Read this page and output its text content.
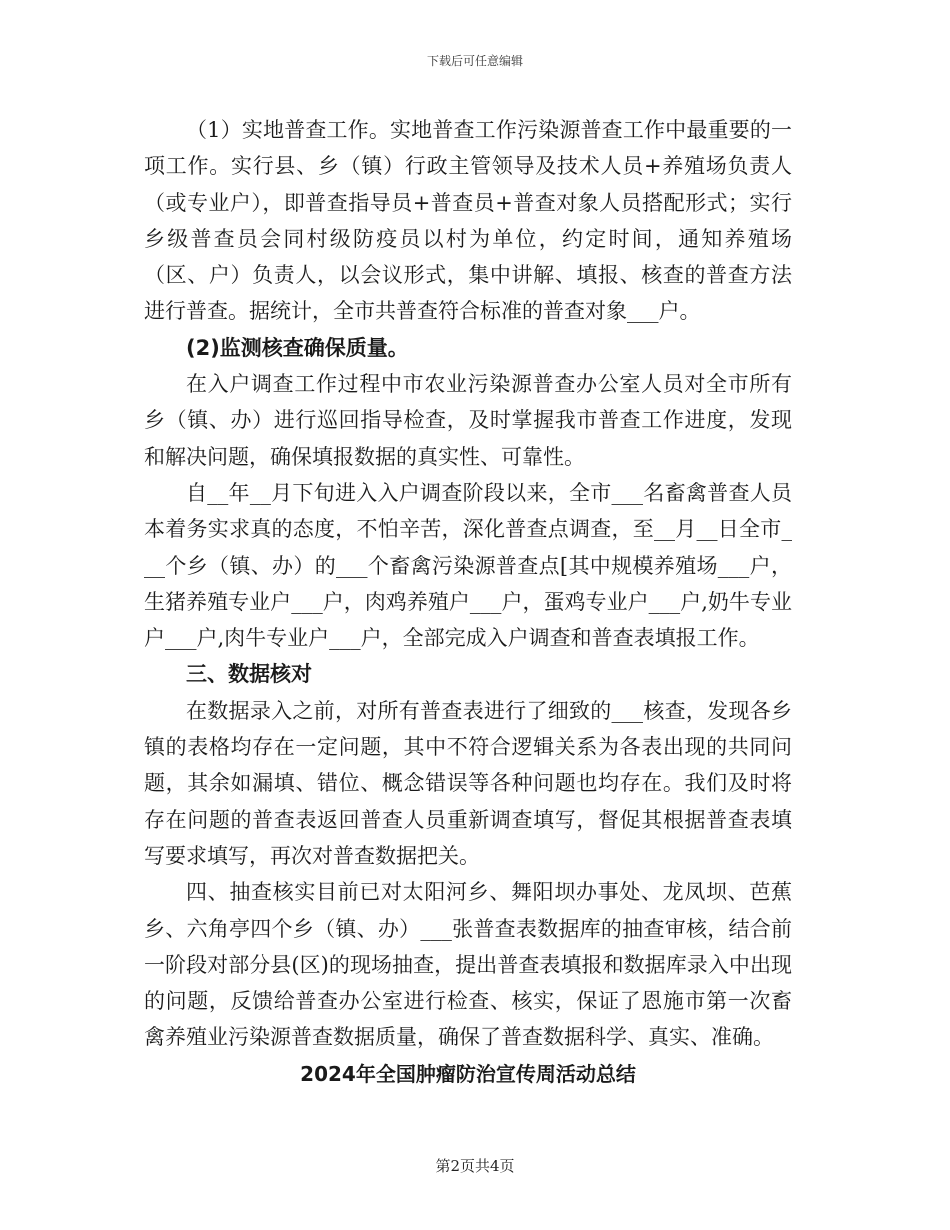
下载后可任意编辑

（1）实地普查工作。实地普查工作污染源普查工作中最重要的一项工作。实行县、乡（镇）行政主管领导及技术人员+养殖场负责人（或专业户），即普查指导员+普查员+普查对象人员搭配形式；实行乡级普查员会同村级防疫员以村为单位，约定时间，通知养殖场（区、户）负责人，以会议形式，集中讲解、填报、核查的普查方法进行普查。据统计，全市共普查符合标准的普查对象___户。

(2)监测核查确保质量。

在入户调查工作过程中市农业污染源普查办公室人员对全市所有乡（镇、办）进行巡回指导检查，及时掌握我市普查工作进度，发现和解决问题，确保填报数据的真实性、可靠性。

自__年__月下旬进入入户调查阶段以来，全市___名畜禽普查人员本着务实求真的态度，不怕辛苦，深化普查点调查，至__月__日全市___个乡（镇、办）的___个畜禽污染源普查点[其中规模养殖场___户，生猪养殖专业户___户，肉鸡养殖户___户，蛋鸡专业户___户,奶牛专业户___户,肉牛专业户___户，全部完成入户调查和普查表填报工作。

三、数据核对

在数据录入之前，对所有普查表进行了细致的___核查，发现各乡镇的表格均存在一定问题，其中不符合逻辑关系为各表出现的共同问题，其余如漏填、错位、概念错误等各种问题也均存在。我们及时将存在问题的普查表返回普查人员重新调查填写，督促其根据普查表填写要求填写，再次对普查数据把关。

四、抽查核实目前已对太阳河乡、舞阳坝办事处、龙凤坝、芭蕉乡、六角亭四个乡（镇、办）___张普查表数据库的抽查审核，结合前一阶段对部分县(区)的现场抽查，提出普查表填报和数据库录入中出现的问题，反馈给普查办公室进行检查、核实，保证了恩施市第一次畜禽养殖业污染源普查数据质量，确保了普查数据科学、真实、准确。

2024年全国肿瘤防治宣传周活动总结

第2页共4页
